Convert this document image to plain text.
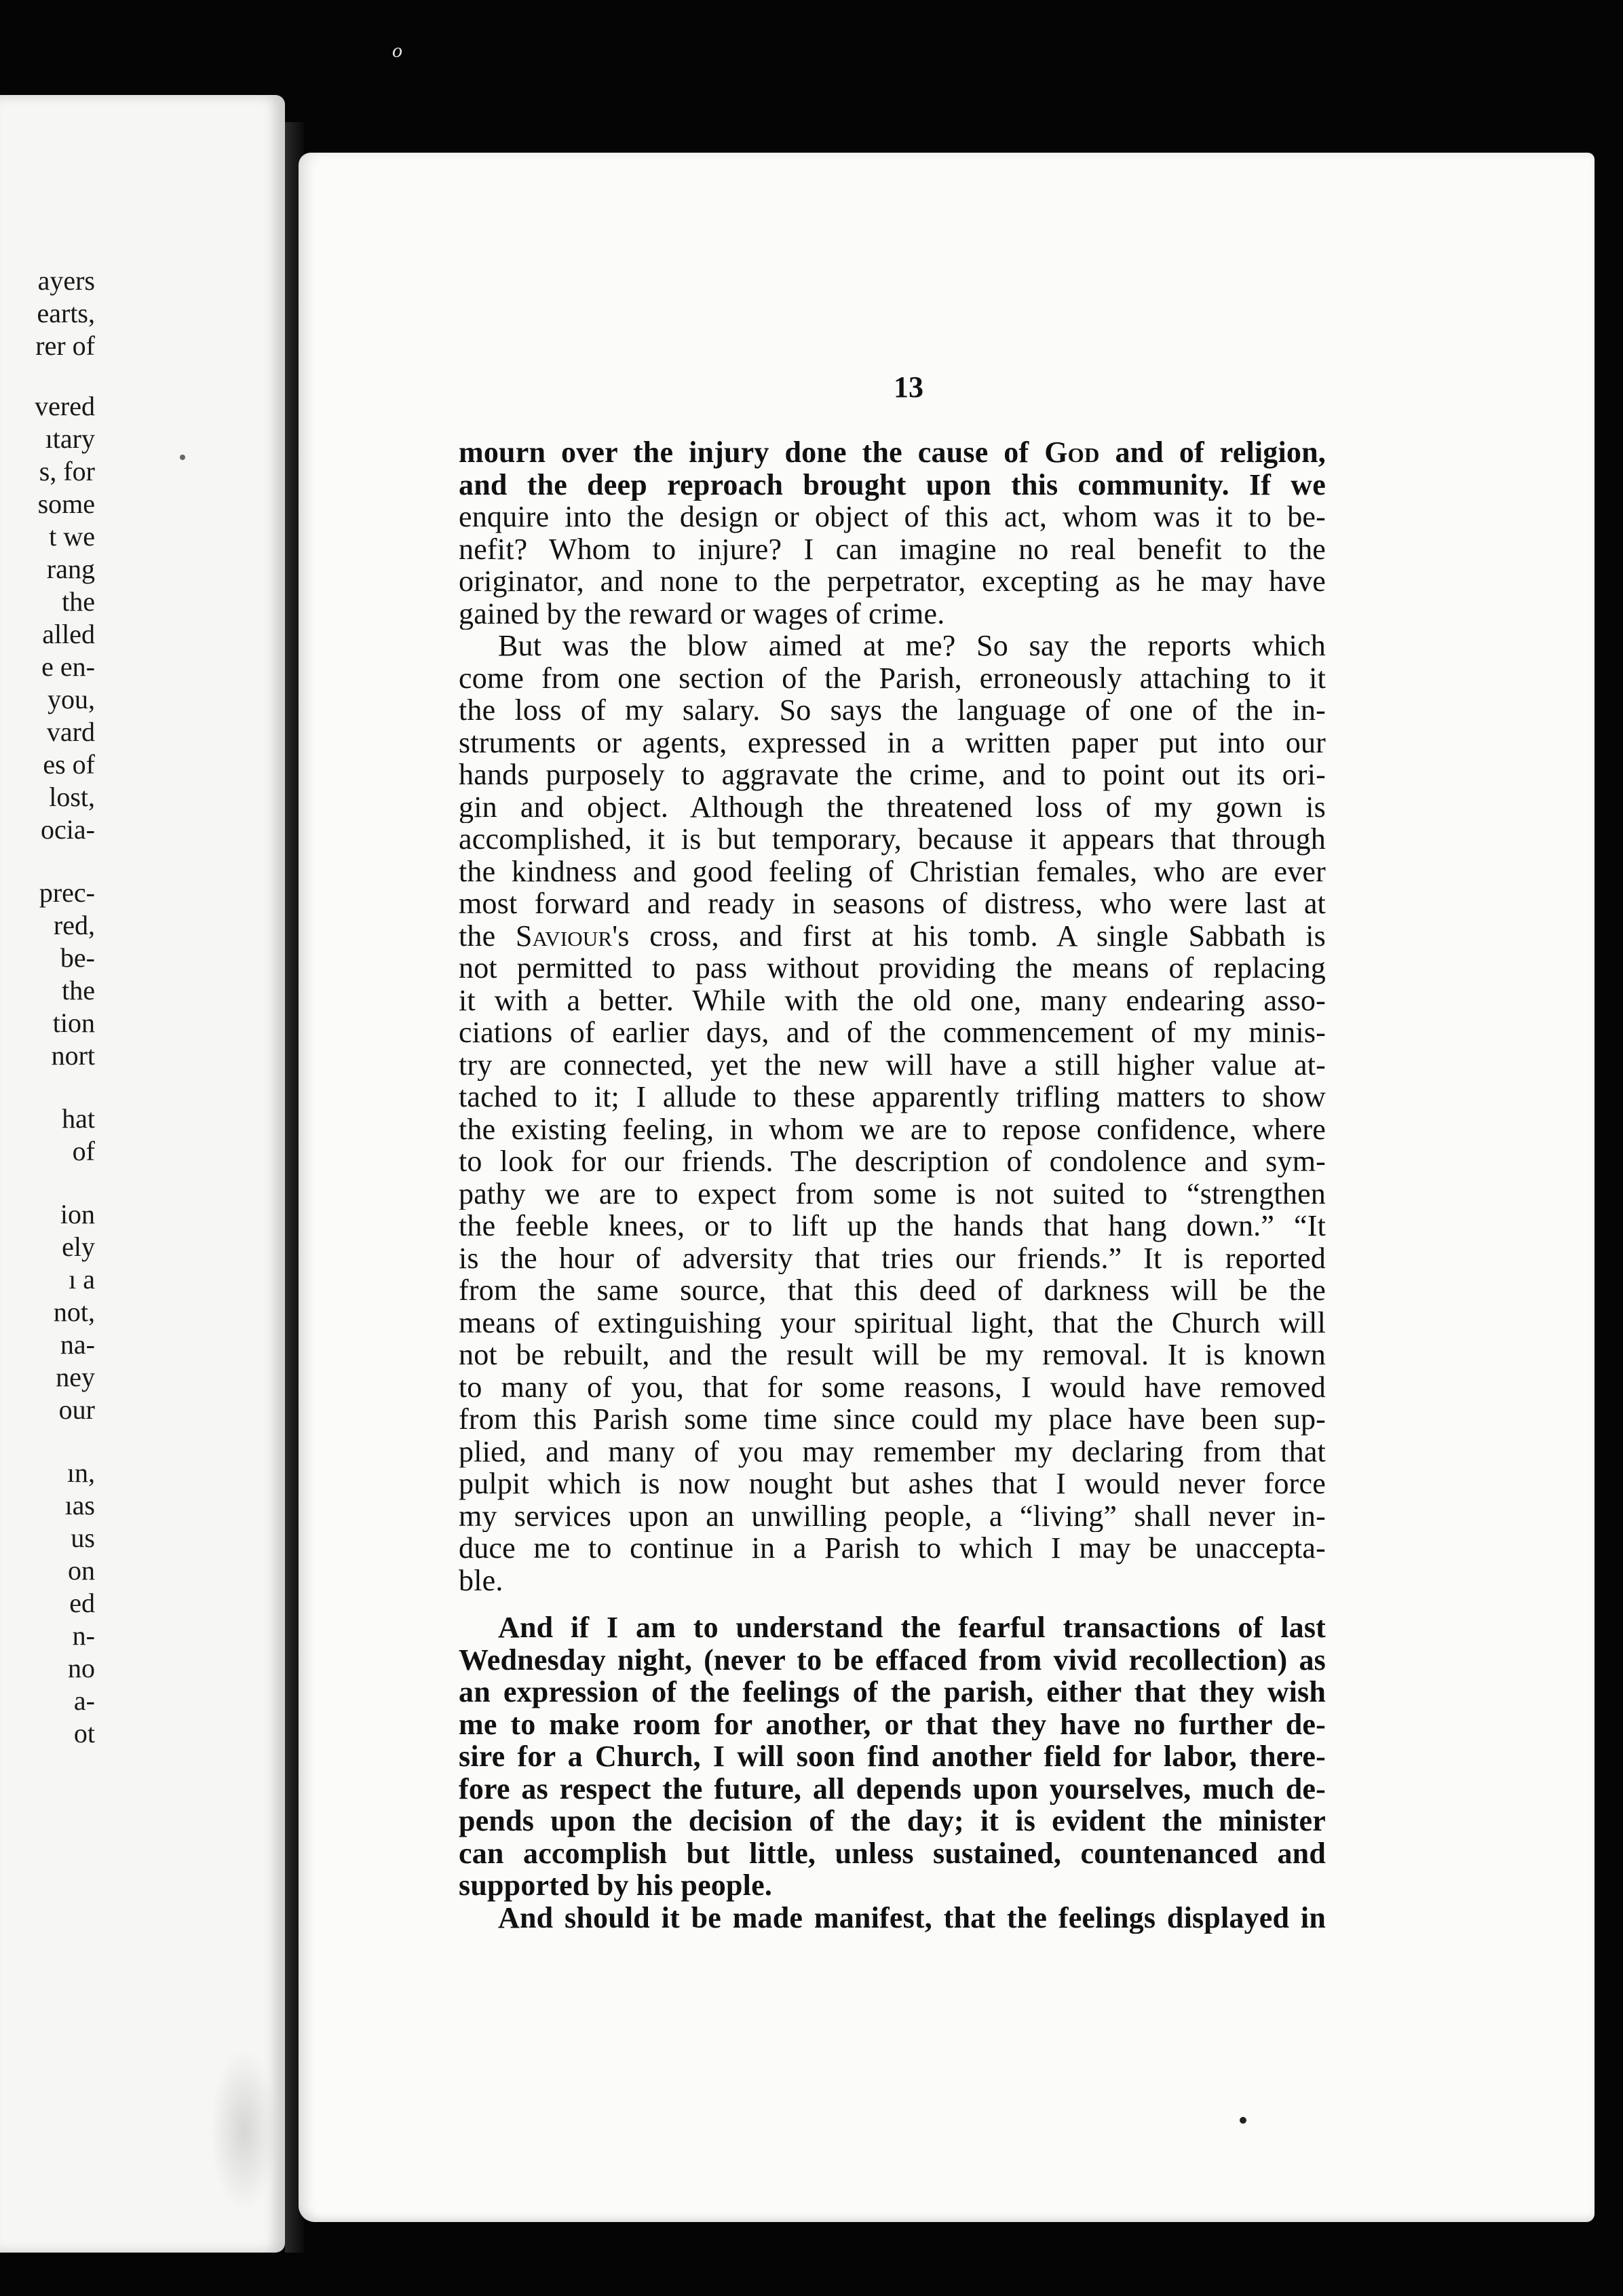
o
ayers
earts,
rer of
vered
ıtary
s, for
some
t we
rang
the
alled
e en-
you,
vard
es of
lost,
ocia-
prec-
red,
be-
the
tion
nort
hat
of
ion
ely
ı a
not,
na-
ney
our
ın,
ıas
us
on
ed
n-
no
a-
ot
13
mourn over the injury done the cause of God and of religion,
and the deep reproach brought upon this community. If we
enquire into the design or object of this act, whom was it to be-
nefit? Whom to injure? I can imagine no real benefit to the
originator, and none to the perpetrator, excepting as he may have
gained by the reward or wages of crime.
But was the blow aimed at me? So say the reports which
come from one section of the Parish, erroneously attaching to it
the loss of my salary. So says the language of one of the in-
struments or agents, expressed in a written paper put into our
hands purposely to aggravate the crime, and to point out its ori-
gin and object. Although the threatened loss of my gown is
accomplished, it is but temporary, because it appears that through
the kindness and good feeling of Christian females, who are ever
most forward and ready in seasons of distress, who were last at
the Saviour's cross, and first at his tomb. A single Sabbath is
not permitted to pass without providing the means of replacing
it with a better. While with the old one, many endearing asso-
ciations of earlier days, and of the commencement of my minis-
try are connected, yet the new will have a still higher value at-
tached to it; I allude to these apparently trifling matters to show
the existing feeling, in whom we are to repose confidence, where
to look for our friends. The description of condolence and sym-
pathy we are to expect from some is not suited to “strengthen
the feeble knees, or to lift up the hands that hang down.” “It
is the hour of adversity that tries our friends.” It is reported
from the same source, that this deed of darkness will be the
means of extinguishing your spiritual light, that the Church will
not be rebuilt, and the result will be my removal. It is known
to many of you, that for some reasons, I would have removed
from this Parish some time since could my place have been sup-
plied, and many of you may remember my declaring from that
pulpit which is now nought but ashes that I would never force
my services upon an unwilling people, a “living” shall never in-
duce me to continue in a Parish to which I may be unaccepta-
ble.
And if I am to understand the fearful transactions of last
Wednesday night, (never to be effaced from vivid recollection) as
an expression of the feelings of the parish, either that they wish
me to make room for another, or that they have no further de-
sire for a Church, I will soon find another field for labor, there-
fore as respect the future, all depends upon yourselves, much de-
pends upon the decision of the day; it is evident the minister
can accomplish but little, unless sustained, countenanced and
supported by his people.
And should it be made manifest, that the feelings displayed in
